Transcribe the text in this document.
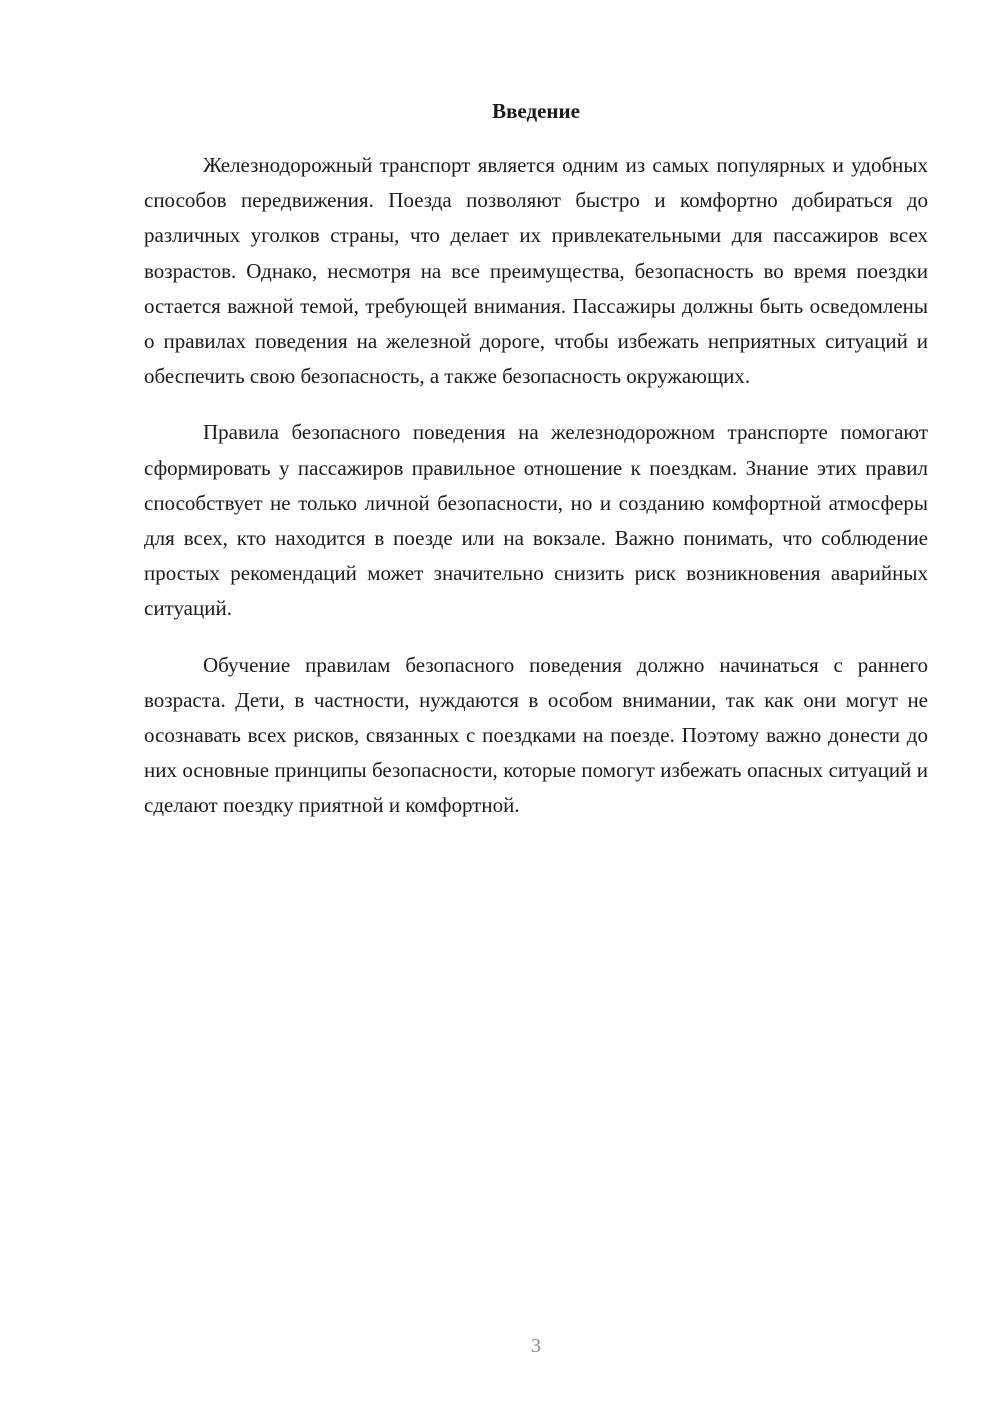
Введение

Железнодорожный транспорт является одним из самых популярных и удобных способов передвижения. Поезда позволяют быстро и комфортно добираться до различных уголков страны, что делает их привлекательными для пассажиров всех возрастов. Однако, несмотря на все преимущества, безопасность во время поездки остается важной темой, требующей внимания. Пассажиры должны быть осведомлены о правилах поведения на железной дороге, чтобы избежать неприятных ситуаций и обеспечить свою безопасность, а также безопасность окружающих.

Правила безопасного поведения на железнодорожном транспорте помогают сформировать у пассажиров правильное отношение к поездкам. Знание этих правил способствует не только личной безопасности, но и созданию комфортной атмосферы для всех, кто находится в поезде или на вокзале. Важно понимать, что соблюдение простых рекомендаций может значительно снизить риск возникновения аварийных ситуаций.

Обучение правилам безопасного поведения должно начинаться с раннего возраста. Дети, в частности, нуждаются в особом внимании, так как они могут не осознавать всех рисков, связанных с поездками на поезде. Поэтому важно донести до них основные принципы безопасности, которые помогут избежать опасных ситуаций и сделают поездку приятной и комфортной.

3
